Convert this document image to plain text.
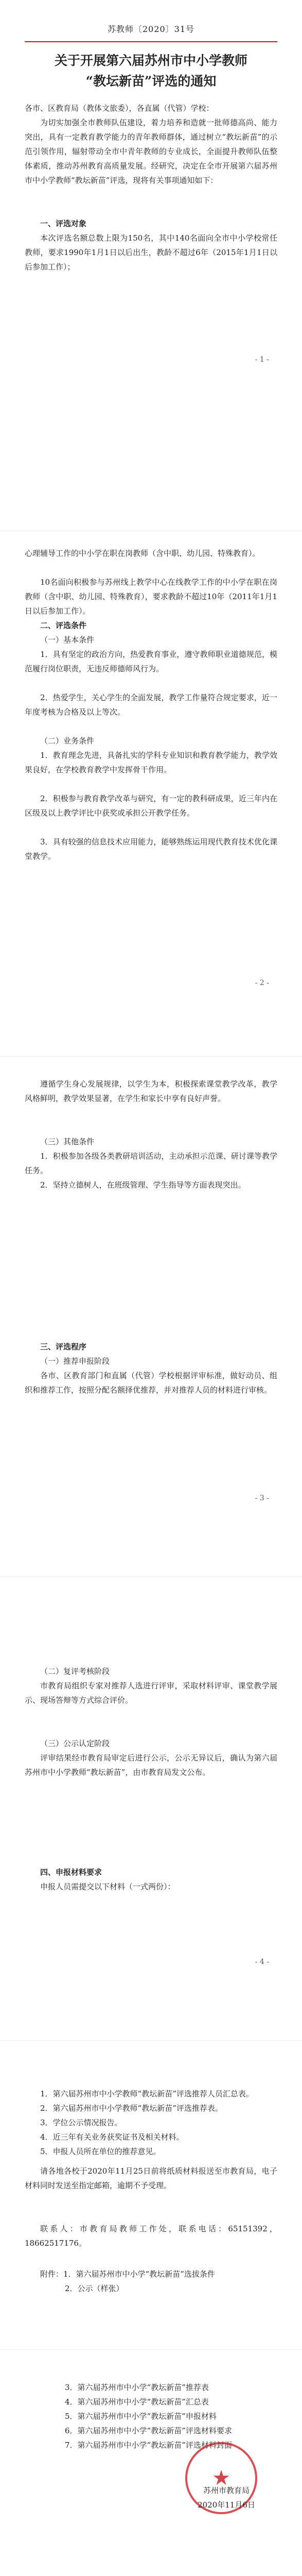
苏教师〔2020〕31号
关于开展第六届苏州市中小学教师
“教坛新苗”评选的通知
各市、区教育局（教体文旅委），各直属（代管）学校：
为切实加强全市教师队伍建设，着力培养和造就一批师德高尚、能力突出，具有一定教育教学能力的青年教师群体，通过树立“教坛新苗”的示范引领作用，辐射带动全市中青年教师的专业成长，全面提升教师队伍整体素质，推动苏州教育高质量发展。经研究，决定在全市开展第六届苏州市中小学教师“教坛新苗”评选，现将有关事项通知如下：
一、评选对象
本次评选名额总数上限为150名，其中140名面向全市中小学校常任教师，要求1990年1月1日以后出生，教龄不超过6年（2015年1月1日以后参加工作）；
- 1 -
心理辅导工作的中小学在职在岗教师（含中职、幼儿园、特殊教育）。
10名面向积极参与苏州线上教学中心在线教学工作的中小学在职在岗教师（含中职、幼儿园、特殊教育），要求教龄不超过10年（2011年1月1日以后参加工作）。
二、评选条件
（一）基本条件
1．具有坚定的政治方向，热爱教育事业，遵守教师职业道德规范，模范履行岗位职责，无违反师德师风行为。
2．热爱学生，关心学生的全面发展，教学工作量符合规定要求，近一年度考核为合格及以上等次。
（二）业务条件
1．教育理念先进，具备扎实的学科专业知识和教育教学能力，教学效果良好，在学校教育教学中发挥骨干作用。
2．积极参与教育教学改革与研究，有一定的教科研成果，近三年内在区级及以上教学评比中获奖或承担公开教学任务。
3．具有较强的信息技术应用能力，能够熟练运用现代教育技术优化课堂教学。
- 2 -
遵循学生身心发展规律，以学生为本，积极探索课堂教学改革，教学风格鲜明，教学效果显著，在学生和家长中享有良好声誉。
（三）其他条件
1．积极参加各级各类教研培训活动，主动承担示范课、研讨课等教学任务。
2．坚持立德树人，在班级管理、学生指导等方面表现突出。
三、评选程序
（一）推荐申报阶段
各市、区教育部门和直属（代管）学校根据评审标准，做好动员、组织和推荐工作，按照分配名额择优推荐，并对推荐人员的材料进行审核。
- 3 -
（二）复评考核阶段
市教育局组织专家对推荐人选进行评审，采取材料评审、课堂教学展示、现场答辩等方式综合评价。
（三）公示认定阶段
评审结果经市教育局审定后进行公示，公示无异议后，确认为第六届苏州市中小学教师“教坛新苗”，由市教育局发文公布。
四、申报材料要求
申报人员需提交以下材料（一式两份）：
- 4 -
1．第六届苏州市中小学教师“教坛新苗”评选推荐人员汇总表。
2．第六届苏州市中小学教师“教坛新苗”评选推荐表。
3．学位公示情况报告。
4．近三年有关业务获奖证书及相关材料。
5．申报人员所在单位的推荐意见。
请各地各校于2020年11月25日前将纸质材料报送至市教育局，电子材料同时发送至指定邮箱，逾期不予受理。
联系人：市教育局教师工作处，联系电话：65151392，18662517176。
附件：1．第六届苏州市中小学“教坛新苗”选拔条件
2．公示（样张）
3．第六届苏州市中小学“教坛新苗”推荐表
4．第六届苏州市中小学“教坛新苗”汇总表
5．第六届苏州市中小学“教坛新苗”申报材料
6．第六届苏州市中小学“教坛新苗”评选材料要求
7．第六届苏州市中小学“教坛新苗”评选材料封面
★
苏州市教育局
2020年11月6日
